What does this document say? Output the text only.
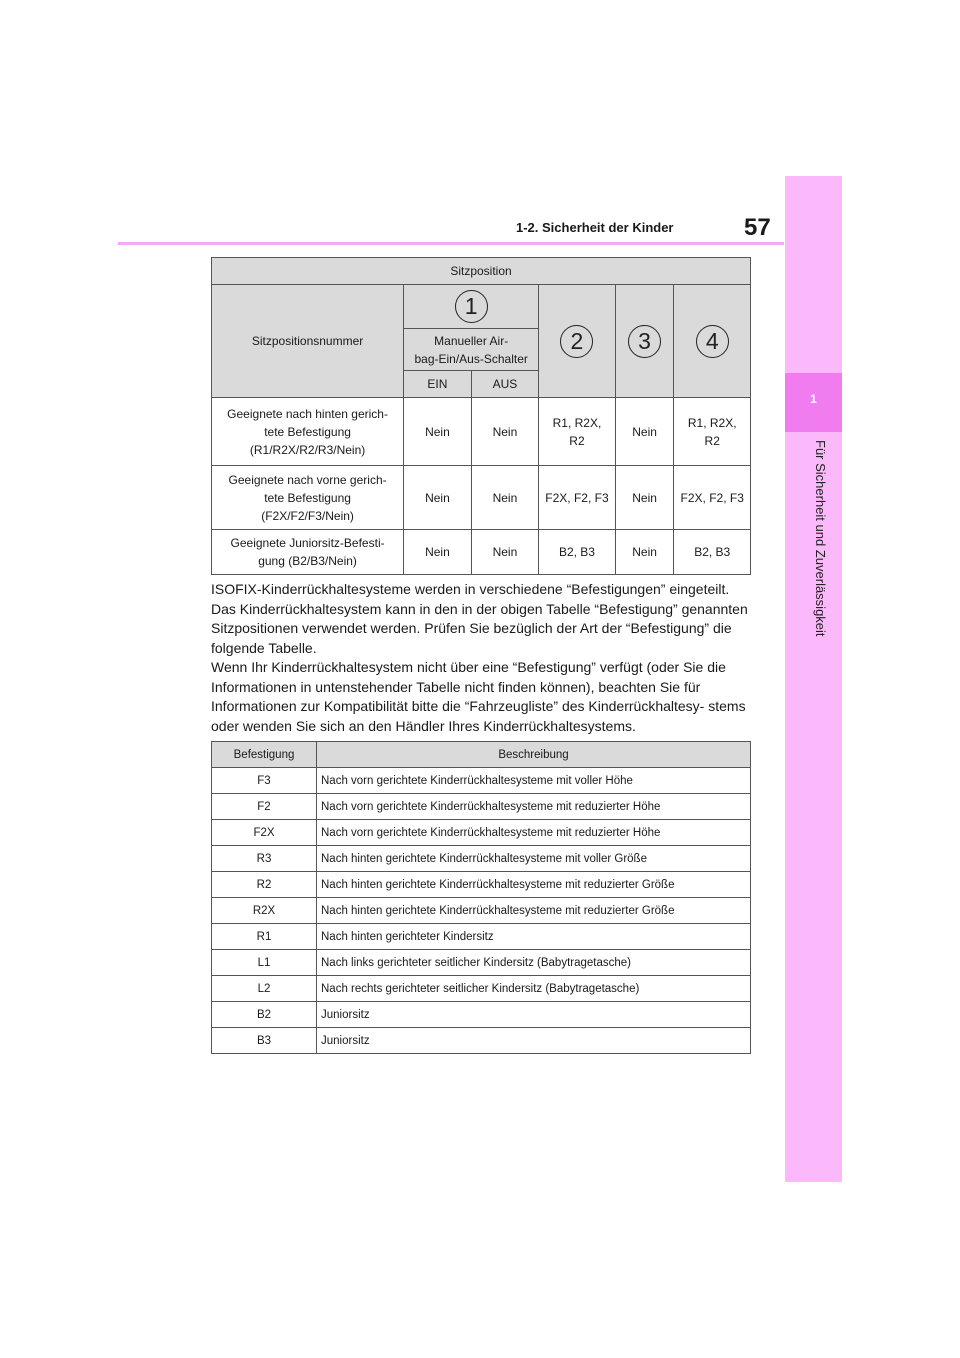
57
1-2. Sicherheit der Kinder
1
Für Sicherheit und Zuverlässigkeit
Sitzposition					
Sitzpositionsnummer	1		2	3	4

	Manueller Air-
bag-Ein/Aus-Schalter				

	EIN	AUS			

Geeignete nach hinten gerich-
tete Befestigung
(R1/R2X/R2/R3/Nein)	Nein	Nein	R1, R2X,
R2	Nein	R1, R2X,
R2

Geeignete nach vorne gerich-
tete Befestigung
(F2X/F2/F3/Nein)	Nein	Nein	F2X, F2, F3	Nein	F2X, F2, F3

Geeignete Juniorsitz-Befesti-
gung (B2/B3/Nein)	Nein	Nein	B2, B3	Nein	B2, B3

ISOFIX-Kinderrückhaltesysteme werden in verschiedene “Befestigungen” eingeteilt. Das Kinderrückhaltesystem kann in den in der obigen Tabelle “Befestigung” genannten Sitzpositionen verwendet werden. Prüfen Sie bezüglich der Art der “Befestigung” die folgende Tabelle.

Wenn Ihr Kinderrückhaltesystem nicht über eine “Befestigung” verfügt (oder Sie die Informationen in untenstehender Tabelle nicht finden können), beachten Sie für Informationen zur Kompatibilität bitte die “Fahrzeugliste” des Kinderrückhaltesy- stems oder wenden Sie sich an den Händler Ihres Kinderrückhaltesystems.

Befestigung	Beschreibung
F3	Nach vorn gerichtete Kinderrückhaltesysteme mit voller Höhe
F2	Nach vorn gerichtete Kinderrückhaltesysteme mit reduzierter Höhe
F2X	Nach vorn gerichtete Kinderrückhaltesysteme mit reduzierter Höhe
R3	Nach hinten gerichtete Kinderrückhaltesysteme mit voller Größe
R2	Nach hinten gerichtete Kinderrückhaltesysteme mit reduzierter Größe
R2X	Nach hinten gerichtete Kinderrückhaltesysteme mit reduzierter Größe
R1	Nach hinten gerichteter Kindersitz
L1	Nach links gerichteter seitlicher Kindersitz (Babytragetasche)
L2	Nach rechts gerichteter seitlicher Kindersitz (Babytragetasche)
B2	Juniorsitz
B3	Juniorsitz
